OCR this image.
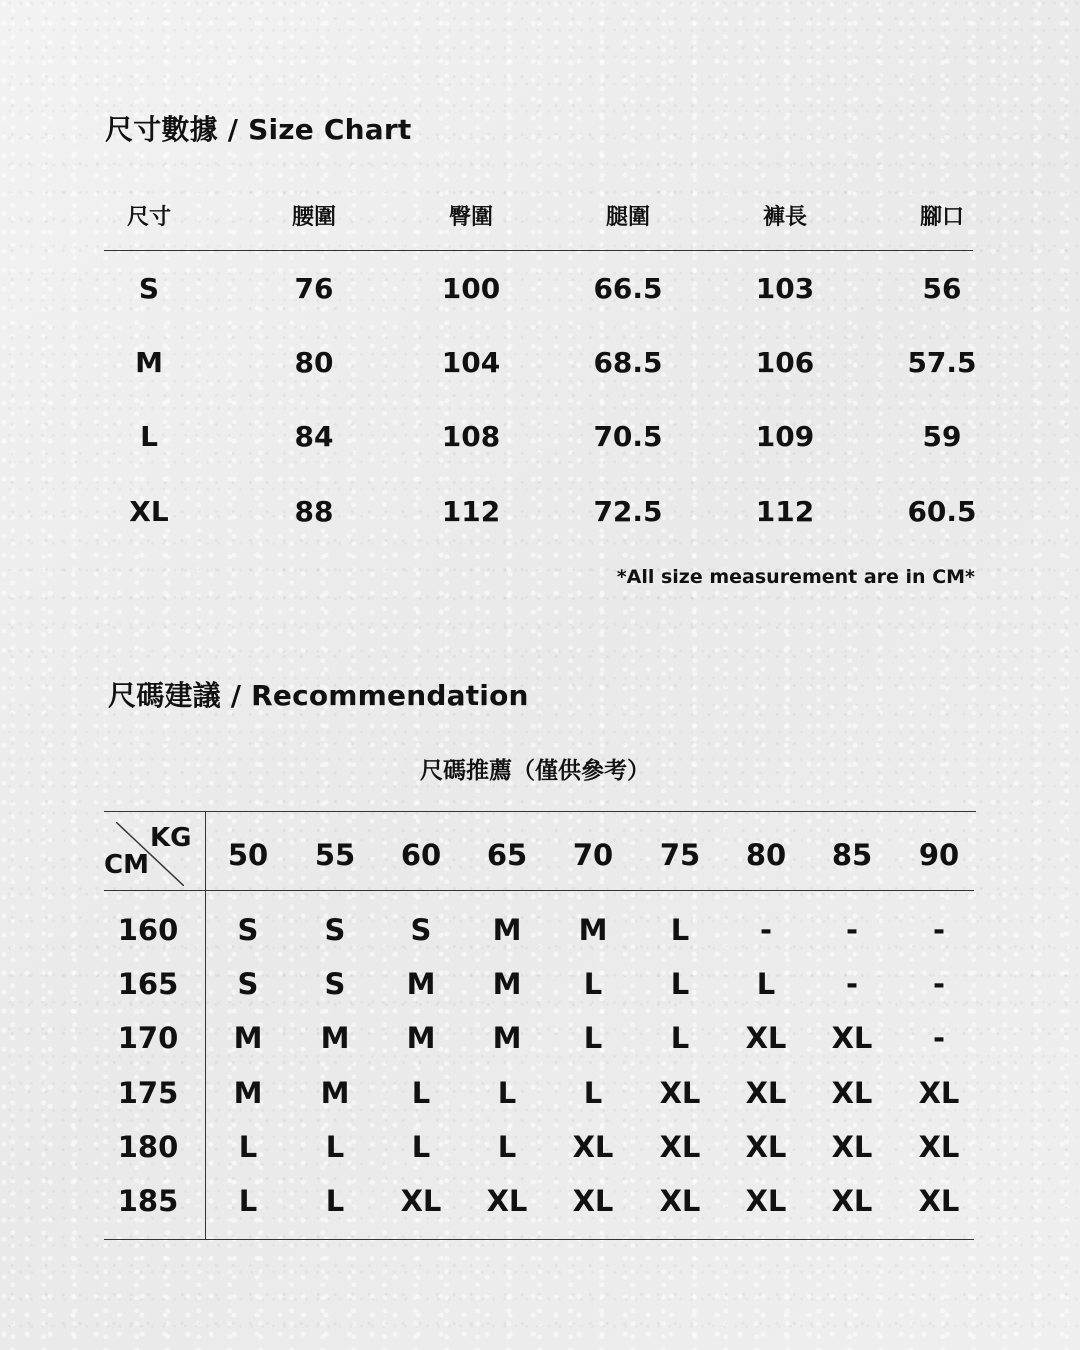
尺寸數據 / Size Chart
尺寸	腰圍	臀圍	腿圍	褲長	腳口
S	76	100	66.5	103	56
M	80	104	68.5	106	57.5
L	84	108	70.5	109	59
XL	88	112	72.5	112	60.5
*All size measurement are in CM*
尺碼建議 / Recommendation
尺碼推薦（僅供參考）
KG
CM	50 55 60 65 70 75 80 85 90
160 S S S M M L -	-	-
165 S S M M L L L -	-
170 M M M M L L XL XL -
175 M M L L L XL XL XL XL
180 L L L L XL XL XL XL XL
185 L L XL XL XL XL XL XL XL
